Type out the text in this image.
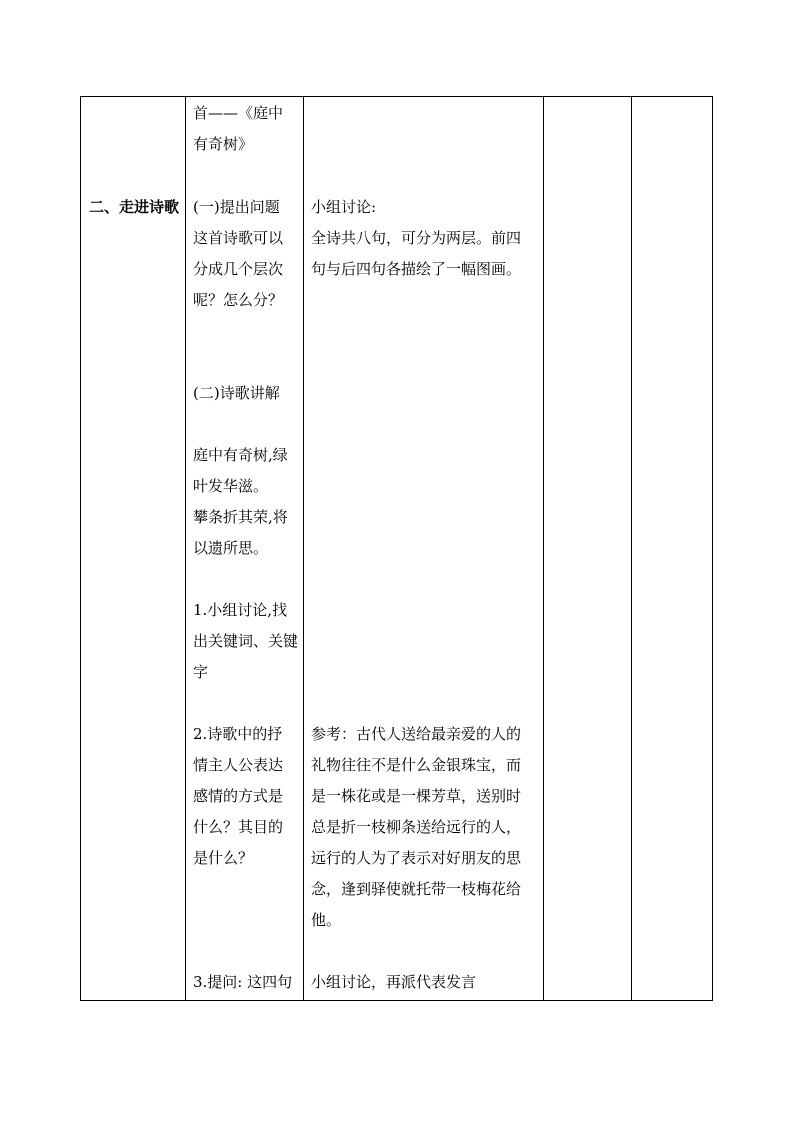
二、走进诗歌
首——《庭中
有奇树》
(一)提出问题
这首诗歌可以
分成几个层次
呢？怎么分？
(二)诗歌讲解
庭中有奇树,绿
叶发华滋。
攀条折其荣,将
以遗所思。
1.小组讨论,找
出关键词、关键
字
2.诗歌中的抒
情主人公表达
感情的方式是
什么？其目的
是什么？
3.提问: 这四句
小组讨论:
全诗共八句，可分为两层。前四
句与后四句各描绘了一幅图画。
参考：古代人送给最亲爱的人的
礼物往往不是什么金银珠宝，而
是一株花或是一棵芳草，送别时
总是折一枝柳条送给远行的人，
远行的人为了表示对好朋友的思
念，逢到驿使就托带一枝梅花给
他。
小组讨论，再派代表发言
